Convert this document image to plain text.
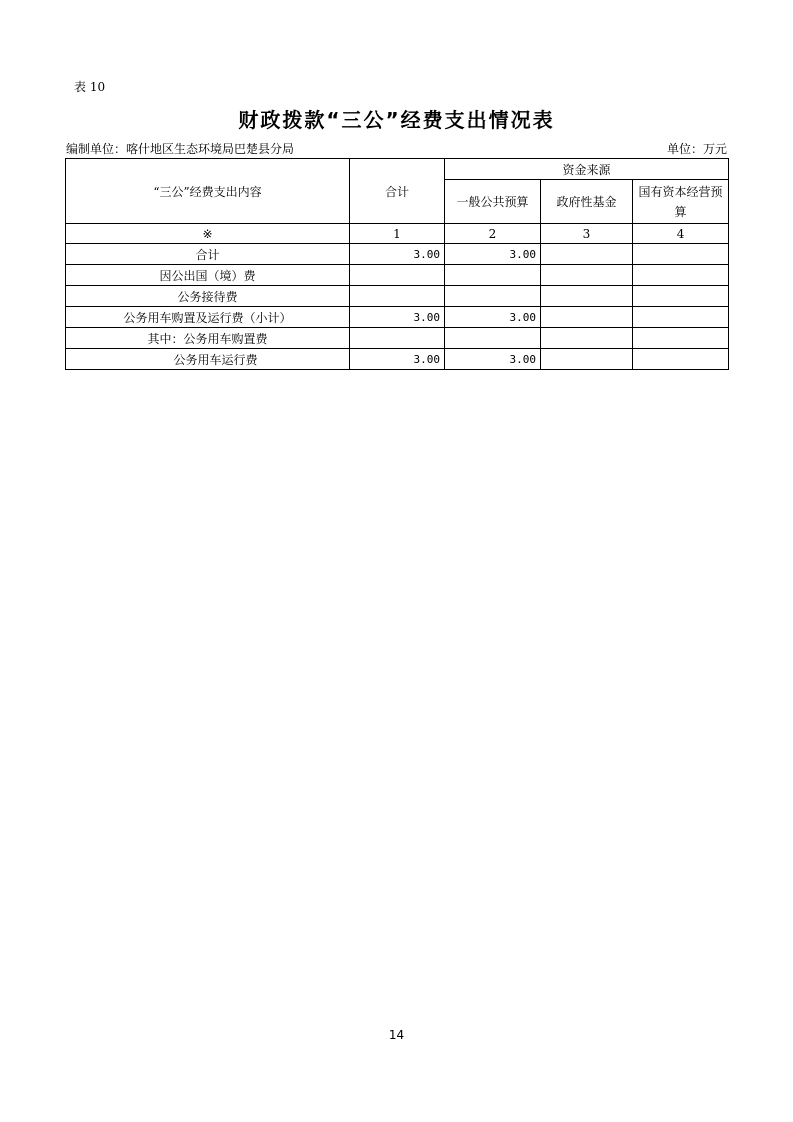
表 10
财政拨款“三公”经费支出情况表
编制单位：喀什地区生态环境局巴楚县分局	单位：万元
“三公”经费支出内容	合计	资金来源		
		一般公共预算	政府性基金	国有资本经营预算
※	1	2	3	4
合计	3.00	3.00		
因公出国（境）费				
公务接待费				
公务用车购置及运行费（小计）	3.00	3.00		
其中：公务用车购置费				
公务用车运行费	3.00	3.00		
14
